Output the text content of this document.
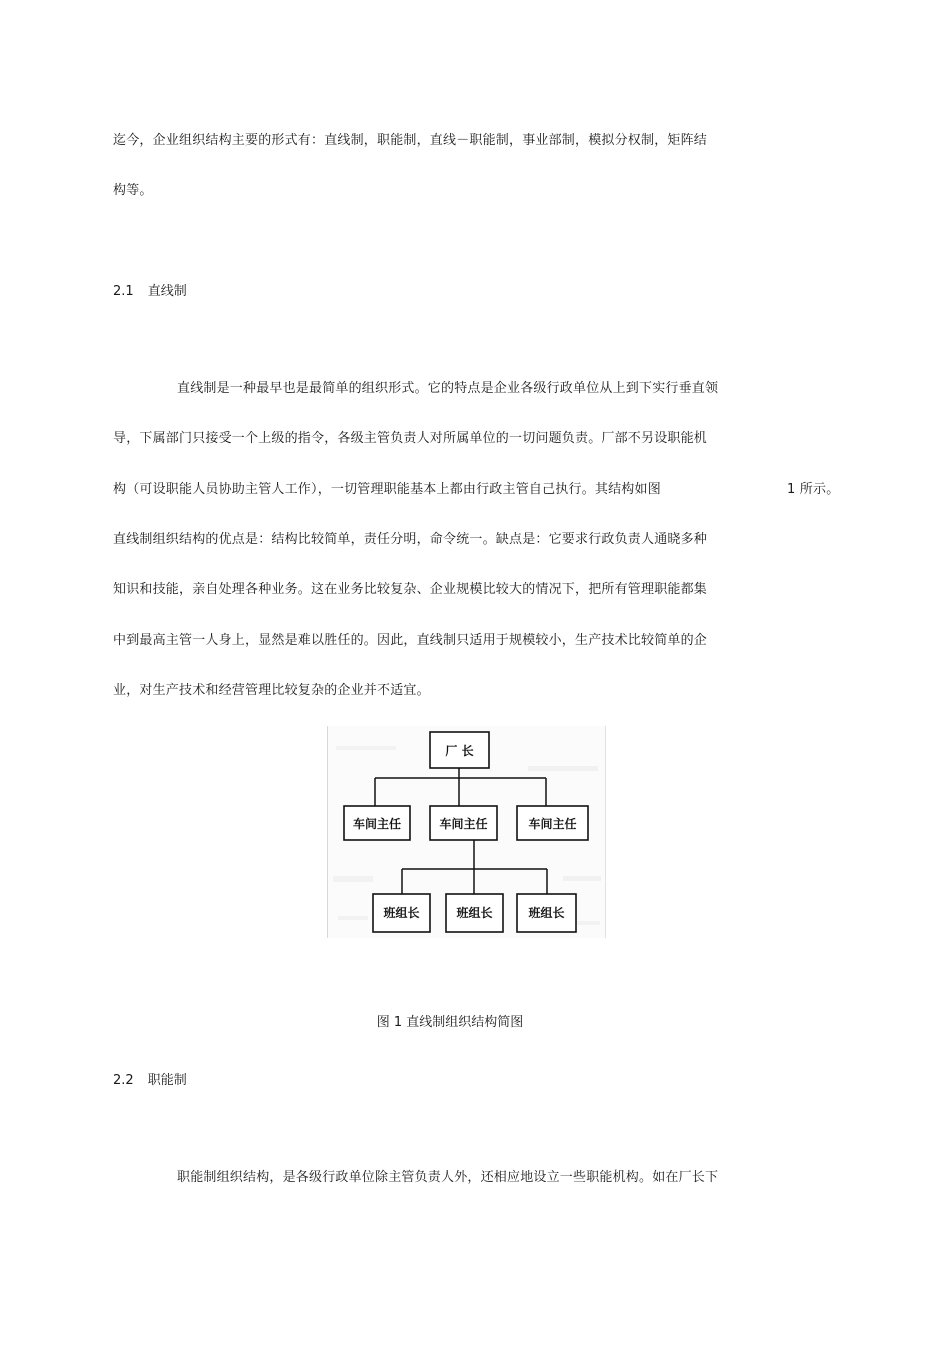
迄今，企业组织结构主要的形式有：直线制，职能制，直线－职能制，事业部制，模拟分权制，矩阵结
构等。
2.1 直线制
直线制是一种最早也是最简单的组织形式。它的特点是企业各级行政单位从上到下实行垂直领
导，下属部门只接受一个上级的指令，各级主管负责人对所属单位的一切问题负责。厂部不另设职能机
构（可设职能人员协助主管人工作），一切管理职能基本上都由行政主管自己执行。其结构如图	1 所示。
直线制组织结构的优点是：结构比较简单，责任分明，命令统一。缺点是：它要求行政负责人通晓多种
知识和技能，亲自处理各种业务。这在业务比较复杂、企业规模比较大的情况下，把所有管理职能都集
中到最高主管一人身上，显然是难以胜任的。因此，直线制只适用于规模较小，生产技术比较简单的企
业，对生产技术和经营管理比较复杂的企业并不适宜。
厂 长
车间主任	车间主任	车间主任
班组长	班组长	班组长
图 1 直线制组织结构简图
2.2 职能制
职能制组织结构，是各级行政单位除主管负责人外，还相应地设立一些职能机构。如在厂长下
